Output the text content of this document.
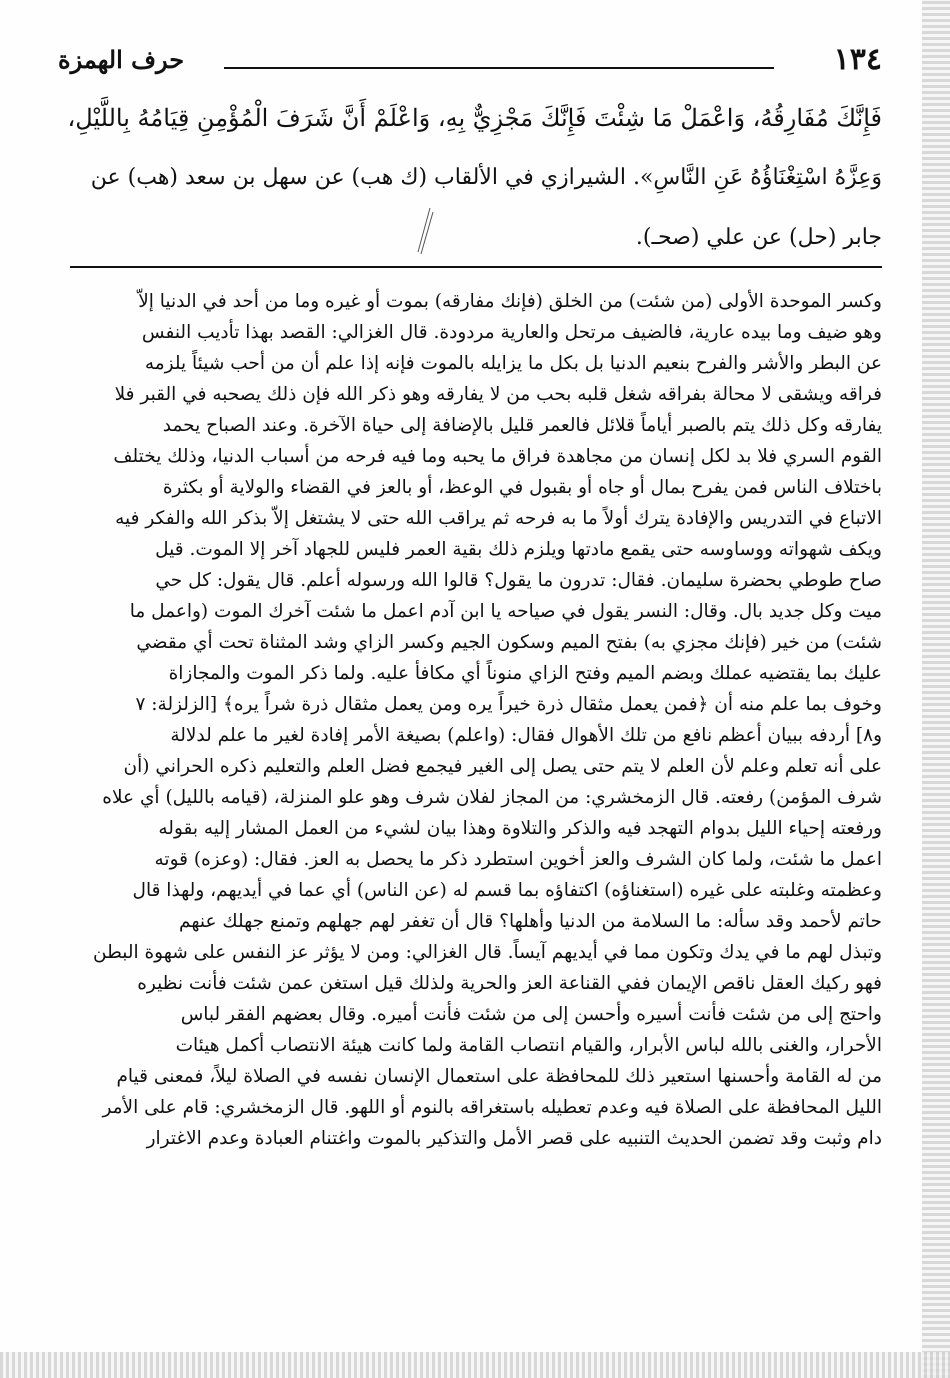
١٣٤
حرف الهمزة
فَإِنَّكَ مُفَارِقُهُ، وَاعْمَلْ مَا شِئْتَ فَإِنَّكَ مَجْزِيٌّ بِهِ، وَاعْلَمْ أَنَّ شَرَفَ الْمُؤْمِنِ قِيَامُهُ بِاللَّيْلِ،
وَعِزَّهُ اسْتِغْنَاؤُهُ عَنِ النَّاسِ». الشيرازي في الألقاب (ك هب) عن سهل بن سعد (هب) عن
جابر (حل) عن علي (صحـ).
وكسر الموحدة الأولى (من شئت) من الخلق (فإنك مفارقه) بموت أو غيره وما من أحد في الدنيا إلاّ
وهو ضيف وما بيده عارية، فالضيف مرتحل والعارية مردودة. قال الغزالي: القصد بهذا تأديب النفس
عن البطر والأشر والفرح بنعيم الدنيا بل بكل ما يزايله بالموت فإنه إذا علم أن من أحب شيئاً يلزمه
فراقه ويشقى لا محالة بفراقه شغل قلبه بحب من لا يفارقه وهو ذكر الله فإن ذلك يصحبه في القبر فلا
يفارقه وكل ذلك يتم بالصبر أياماً قلائل فالعمر قليل بالإضافة إلى حياة الآخرة. وعند الصباح يحمد
القوم السري فلا بد لكل إنسان من مجاهدة فراق ما يحبه وما فيه فرحه من أسباب الدنيا، وذلك يختلف
باختلاف الناس فمن يفرح بمال أو جاه أو بقبول في الوعظ، أو بالعز في القضاء والولاية أو بكثرة
الاتباع في التدريس والإفادة يترك أولاً ما به فرحه ثم يراقب الله حتى لا يشتغل إلاّ بذكر الله والفكر فيه
ويكف شهواته ووساوسه حتى يقمع مادتها ويلزم ذلك بقية العمر فليس للجهاد آخر إلا الموت. قيل
صاح طوطي بحضرة سليمان. فقال: تدرون ما يقول؟ قالوا الله ورسوله أعلم. قال يقول: كل حي
ميت وكل جديد بال. وقال: النسر يقول في صياحه يا ابن آدم اعمل ما شئت آخرك الموت (واعمل ما
شئت) من خير (فإنك مجزي به) بفتح الميم وسكون الجيم وكسر الزاي وشد المثناة تحت أي مقضي
عليك بما يقتضيه عملك وبضم الميم وفتح الزاي منوناً أي مكافأ عليه. ولما ذكر الموت والمجازاة
وخوف بما علم منه أن ﴿فمن يعمل مثقال ذرة خيراً يره ومن يعمل مثقال ذرة شراً يره﴾ [الزلزلة: ٧
و٨] أردفه ببيان أعظم نافع من تلك الأهوال فقال: (واعلم) بصيغة الأمر إفادة لغير ما علم لدلالة
على أنه تعلم وعلم لأن العلم لا يتم حتى يصل إلى الغير فيجمع فضل العلم والتعليم ذكره الحراني (أن
شرف المؤمن) رفعته. قال الزمخشري: من المجاز لفلان شرف وهو علو المنزلة، (قيامه بالليل) أي علاه
ورفعته إحياء الليل بدوام التهجد فيه والذكر والتلاوة وهذا بيان لشيء من العمل المشار إليه بقوله
اعمل ما شئت، ولما كان الشرف والعز أخوين استطرد ذكر ما يحصل به العز. فقال: (وعزه) قوته
وعظمته وغلبته على غيره (استغناؤه) اكتفاؤه بما قسم له (عن الناس) أي عما في أيديهم، ولهذا قال
حاتم لأحمد وقد سأله: ما السلامة من الدنيا وأهلها؟ قال أن تغفر لهم جهلهم وتمنع جهلك عنهم
وتبذل لهم ما في يدك وتكون مما في أيديهم آيساً. قال الغزالي: ومن لا يؤثر عز النفس على شهوة البطن
فهو ركيك العقل ناقص الإيمان ففي القناعة العز والحرية ولذلك قيل استغن عمن شئت فأنت نظيره
واحتج إلى من شئت فأنت أسيره وأحسن إلى من شئت فأنت أميره. وقال بعضهم الفقر لباس
الأحرار، والغنى بالله لباس الأبرار، والقيام انتصاب القامة ولما كانت هيئة الانتصاب أكمل هيئات
من له القامة وأحسنها استعير ذلك للمحافظة على استعمال الإنسان نفسه في الصلاة ليلاً، فمعنى قيام
الليل المحافظة على الصلاة فيه وعدم تعطيله باستغراقه بالنوم أو اللهو. قال الزمخشري: قام على الأمر
دام وثبت وقد تضمن الحديث التنبيه على قصر الأمل والتذكير بالموت واغتنام العبادة وعدم الاغترار
